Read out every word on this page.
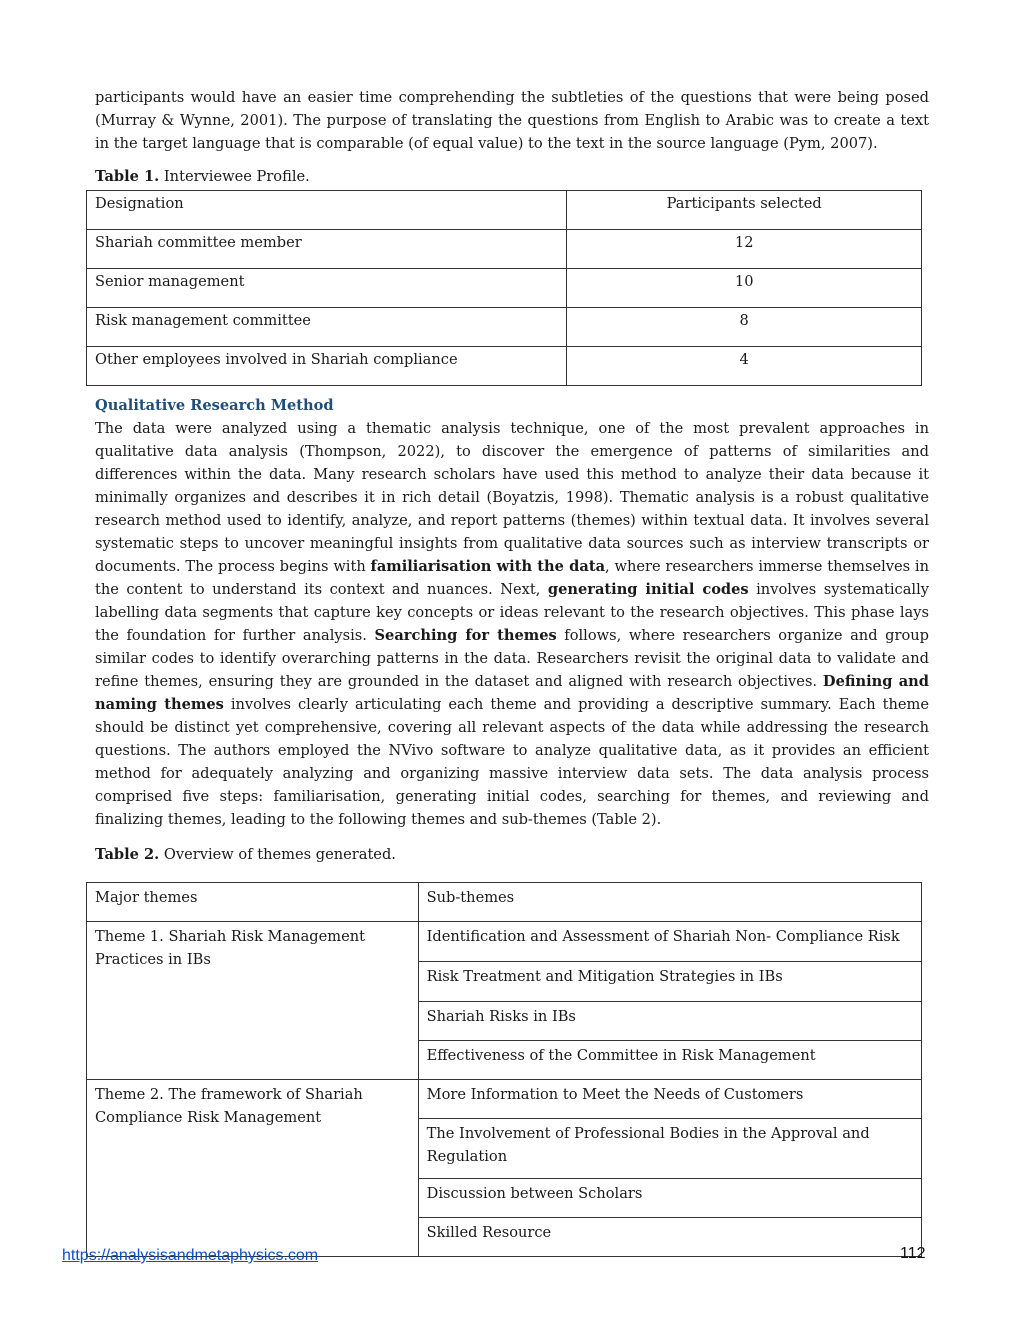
participants would have an easier time comprehending the subtleties of the questions that were being posed (Murray & Wynne, 2001). The purpose of translating the questions from English to Arabic was to create a text in the target language that is comparable (of equal value) to the text in the source language (Pym, 2007).

Table 1. Interviewee Profile.
Designation	Participants selected
Shariah committee member	12
Senior management	10
Risk management committee	8
Other employees involved in Shariah compliance	4
Qualitative Research Method

The data were analyzed using a thematic analysis technique, one of the most prevalent approaches in qualitative data analysis (Thompson, 2022), to discover the emergence of patterns of similarities and differences within the data. Many research scholars have used this method to analyze their data because it minimally organizes and describes it in rich detail (Boyatzis, 1998). Thematic analysis is a robust qualitative research method used to identify, analyze, and report patterns (themes) within textual data. It involves several systematic steps to uncover meaningful insights from qualitative data sources such as interview transcripts or documents. The process begins with familiarisation with the data, where researchers immerse themselves in the content to understand its context and nuances. Next, generating initial codes involves systematically labelling data segments that capture key concepts or ideas relevant to the research objectives. This phase lays the foundation for further analysis. Searching for themes follows, where researchers organize and group similar codes to identify overarching patterns in the data. Researchers revisit the original data to validate and refine themes, ensuring they are grounded in the dataset and aligned with research objectives. Defining and naming themes involves clearly articulating each theme and providing a descriptive summary. Each theme should be distinct yet comprehensive, covering all relevant aspects of the data while addressing the research questions. The authors employed the NVivo software to analyze qualitative data, as it provides an efficient method for adequately analyzing and organizing massive interview data sets. The data analysis process comprised five steps: familiarisation, generating initial codes, searching for themes, and reviewing and finalizing themes, leading to the following themes and sub-themes (Table 2).

Table 2. Overview of themes generated.
Major themes	Sub-themes
Theme 1. Shariah Risk Management Practices in IBs	Identification and Assessment of Shariah Non- Compliance Risk
	Risk Treatment and Mitigation Strategies in IBs
	Shariah Risks in IBs
	Effectiveness of the Committee in Risk Management
Theme 2. The framework of Shariah Compliance Risk Management	More Information to Meet the Needs of Customers
	The Involvement of Professional Bodies in the Approval and Regulation
	Discussion between Scholars
	Skilled Resource
https://analysisandmetaphysics.com	112
